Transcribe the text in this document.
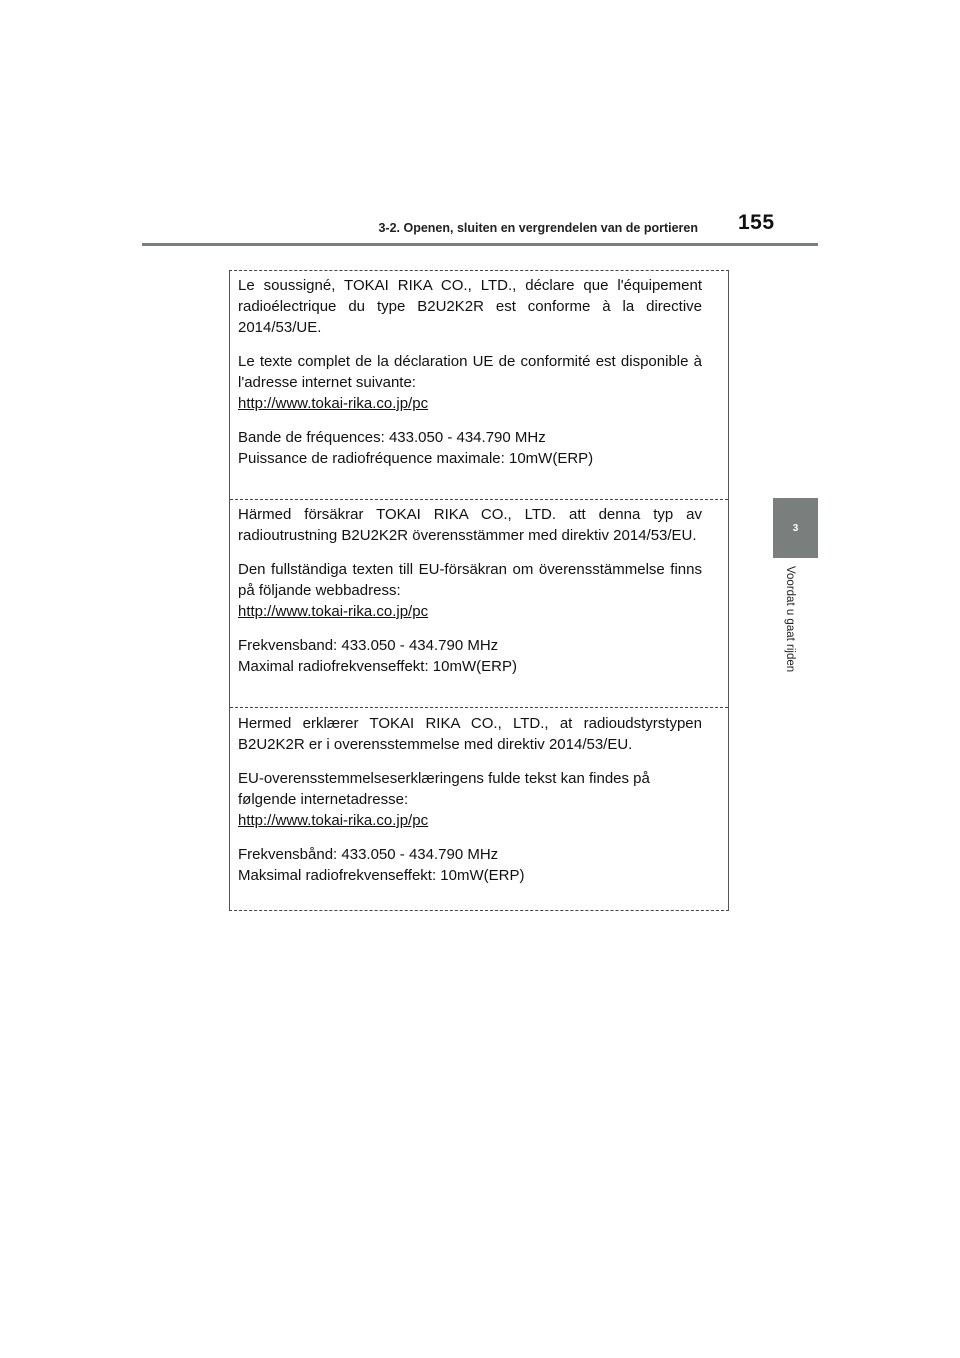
3-2. Openen, sluiten en vergrendelen van de portieren 155
3
Voordat u gaat rijden

Le soussigné, TOKAI RIKA CO., LTD., déclare que l'équipement radioélectrique du type B2U2K2R est conforme à la directive 2014/53/UE.

Le texte complet de la déclaration UE de conformité est disponible à l'adresse internet suivante:
http://www.tokai-rika.co.jp/pc

Bande de fréquences: 433.050 - 434.790 MHz
Puissance de radiofréquence maximale: 10mW(ERP)

Härmed försäkrar TOKAI RIKA CO., LTD. att denna typ av radioutrustning B2U2K2R överensstämmer med direktiv 2014/53/EU.

Den fullständiga texten till EU-försäkran om överensstämmelse finns på följande webbadress:
http://www.tokai-rika.co.jp/pc

Frekvensband: 433.050 - 434.790 MHz
Maximal radiofrekvenseffekt: 10mW(ERP)

Hermed erklærer TOKAI RIKA CO., LTD., at radioudstyrstypen B2U2K2R er i overensstemmelse med direktiv 2014/53/EU.

EU-overensstemmelseserklæringens fulde tekst kan findes på
følgende internetadresse:
http://www.tokai-rika.co.jp/pc

Frekvensbånd: 433.050 - 434.790 MHz
Maksimal radiofrekvenseffekt: 10mW(ERP)
